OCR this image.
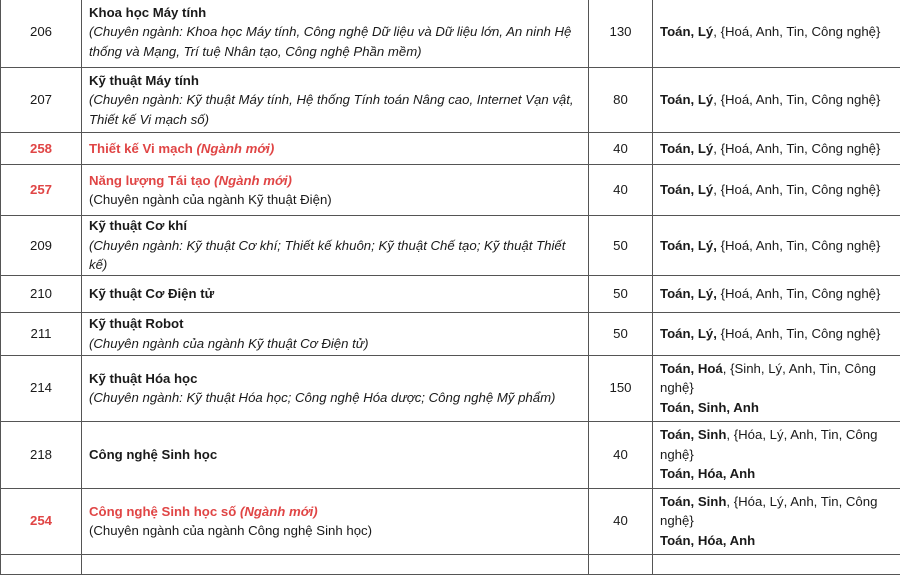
206	Khoa học Máy tính
(Chuyên ngành: Khoa học Máy tính, Công nghệ Dữ liệu và Dữ liệu lớn, An ninh Hệ
thống và Mạng, Trí tuệ Nhân tạo, Công nghệ Phần mềm)	130	Toán, Lý, {Hoá, Anh, Tin, Công nghệ}
207	Kỹ thuật Máy tính
(Chuyên ngành: Kỹ thuật Máy tính, Hệ thống Tính toán Nâng cao, Internet Vạn vật,
Thiết kế Vi mạch số)	80	Toán, Lý, {Hoá, Anh, Tin, Công nghệ}
258	Thiết kế Vi mạch (Ngành mới)	40	Toán, Lý, {Hoá, Anh, Tin, Công nghệ}
257	Năng lượng Tái tạo (Ngành mới)
(Chuyên ngành của ngành Kỹ thuật Điện)	40	Toán, Lý, {Hoá, Anh, Tin, Công nghệ}
209	Kỹ thuật Cơ khí
(Chuyên ngành: Kỹ thuật Cơ khí; Thiết kế khuôn; Kỹ thuật Chế tạo; Kỹ thuật Thiết kế)	50	Toán, Lý, {Hoá, Anh, Tin, Công nghệ}
210	Kỹ thuật Cơ Điện tử	50	Toán, Lý, {Hoá, Anh, Tin, Công nghệ}
211	Kỹ thuật Robot
(Chuyên ngành của ngành Kỹ thuật Cơ Điện tử)	50	Toán, Lý, {Hoá, Anh, Tin, Công nghệ}
214	Kỹ thuật Hóa học
(Chuyên ngành: Kỹ thuật Hóa học; Công nghệ Hóa dược; Công nghệ Mỹ phẩm)	150	Toán, Hoá, {Sinh, Lý, Anh, Tin, Công
nghệ}
Toán, Sinh, Anh

218	Công nghệ Sinh học	40	Toán, Sinh, {Hóa, Lý, Anh, Tin, Công
nghệ}
Toán, Hóa, Anh

254	Công nghệ Sinh học số (Ngành mới)
(Chuyên ngành của ngành Công nghệ Sinh học)	40	Toán, Sinh, {Hóa, Lý, Anh, Tin, Công
nghệ}
Toán, Hóa, Anh
